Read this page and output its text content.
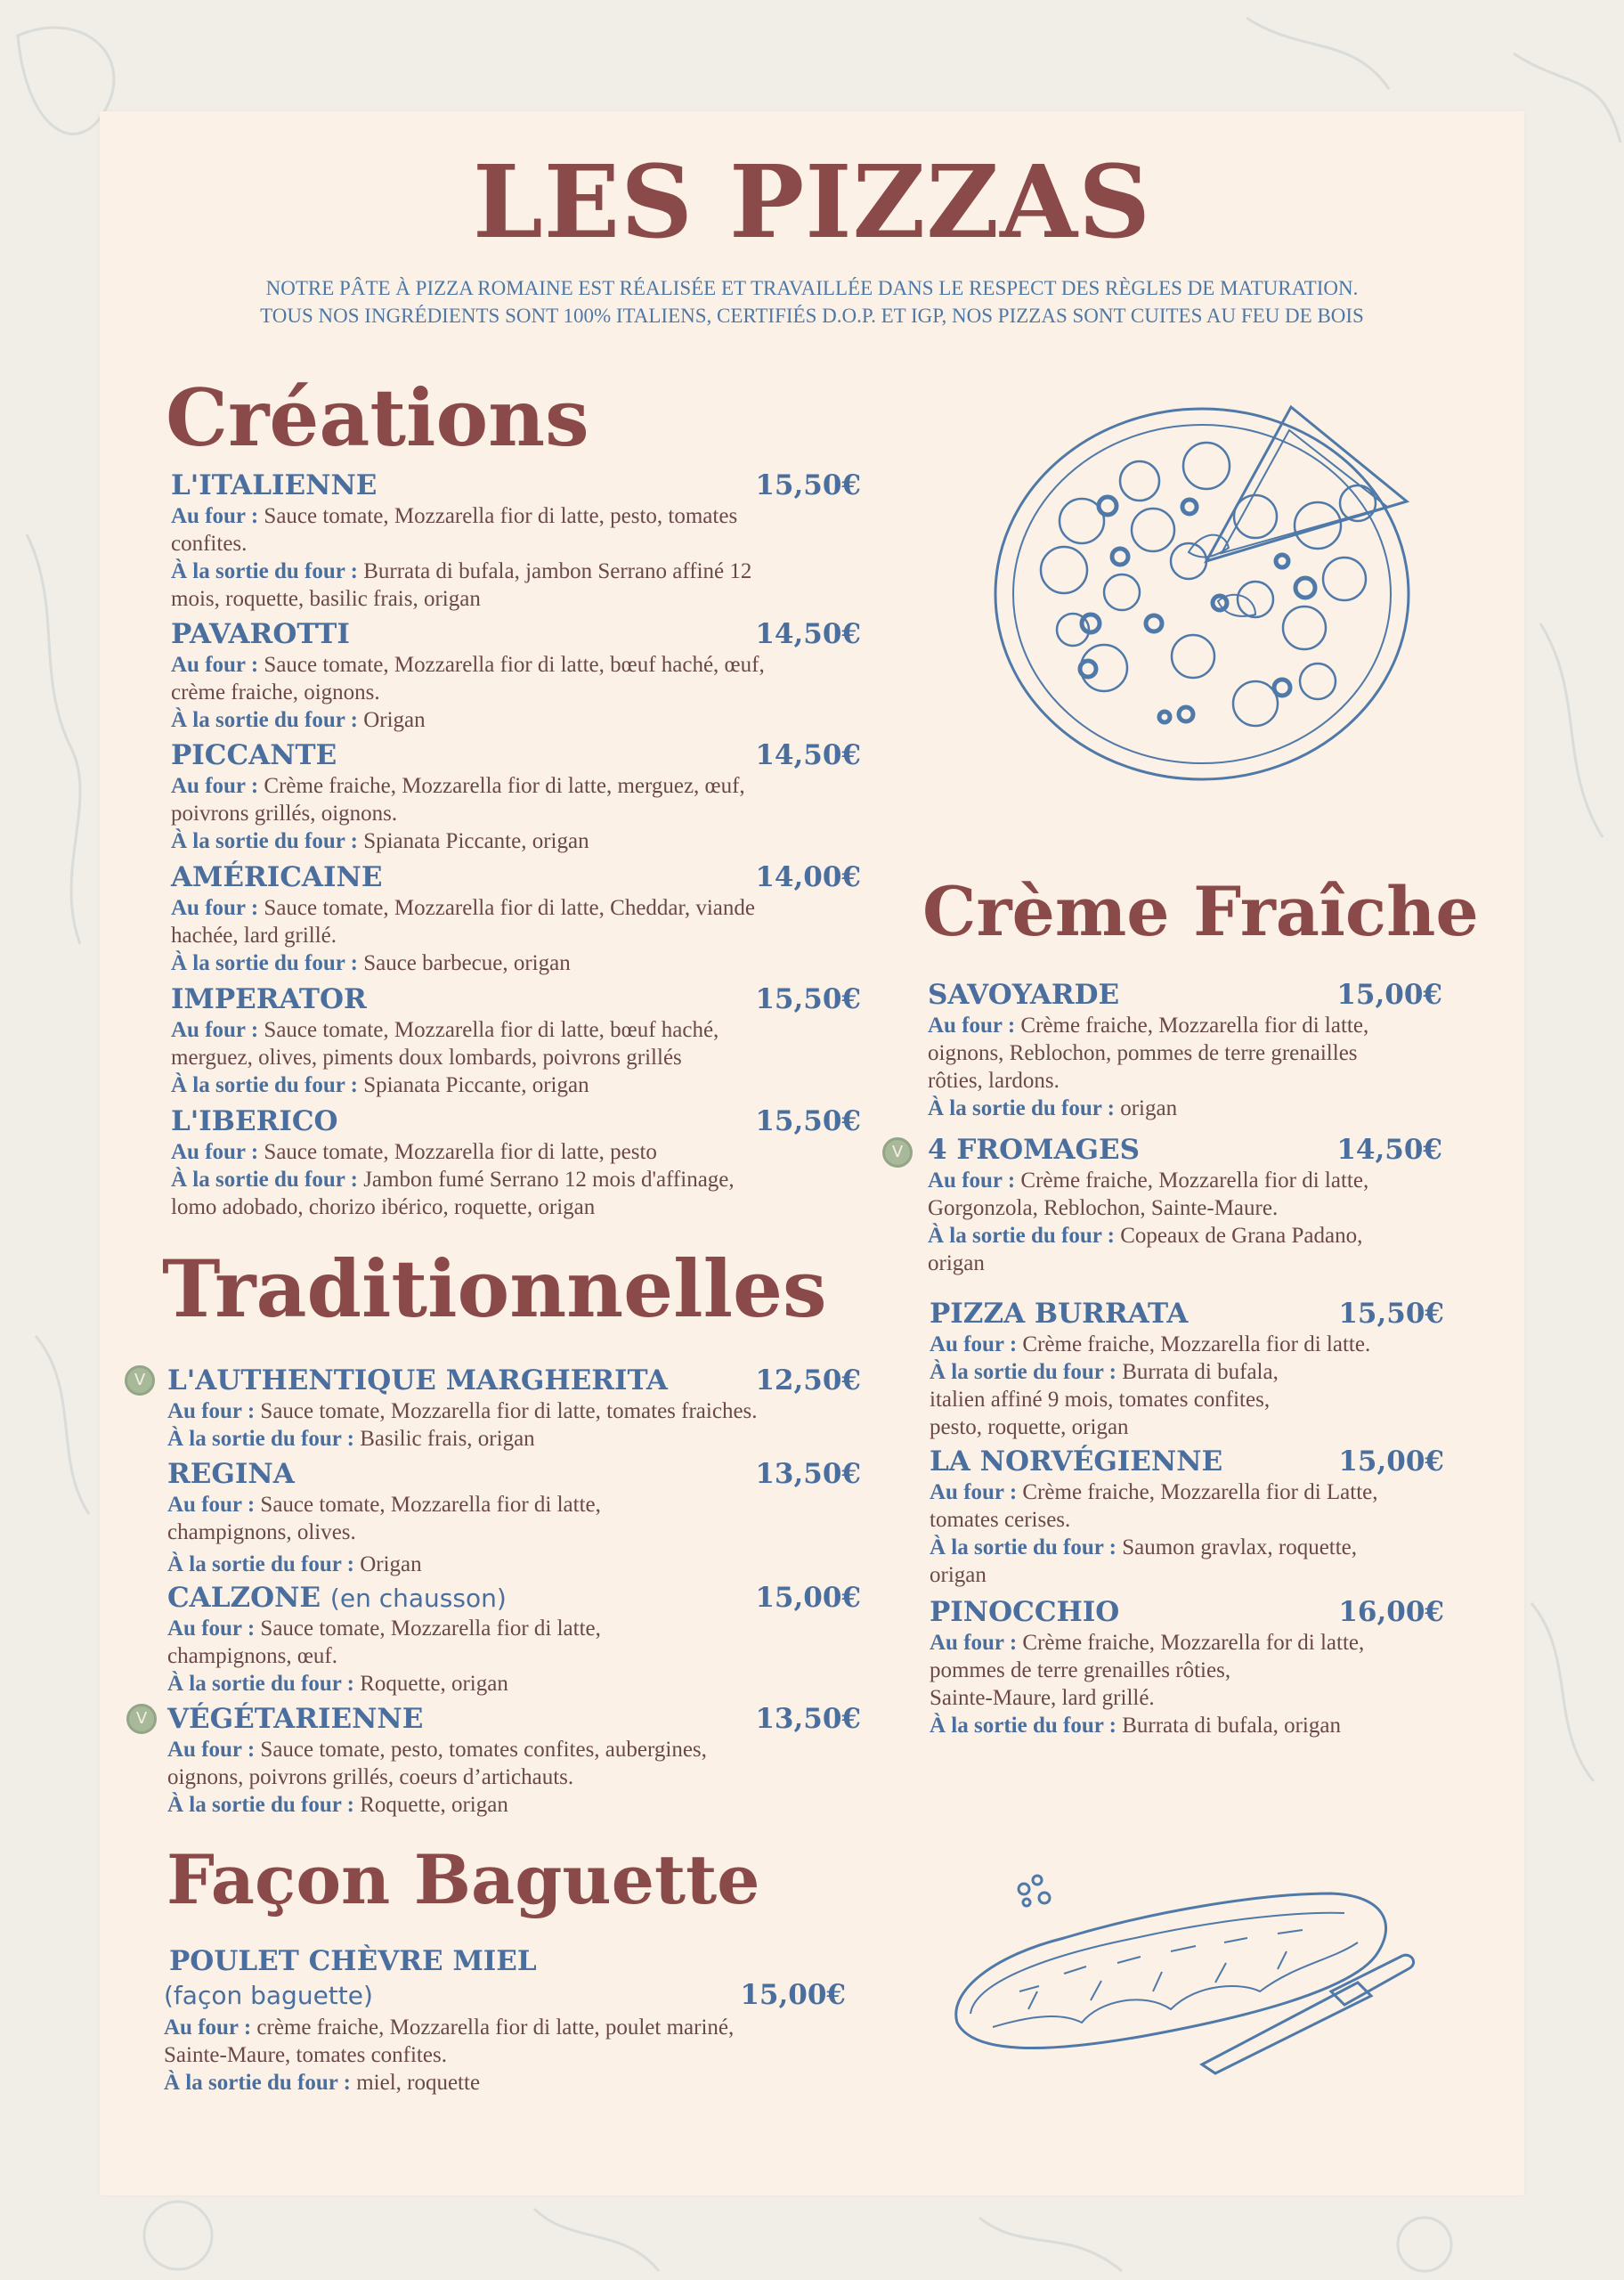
LES PIZZAS
NOTRE PÂTE À PIZZA ROMAINE EST RÉALISÉE ET TRAVAILLÉE DANS LE RESPECT DES RÈGLES DE MATURATION.
TOUS NOS INGRÉDIENTS SONT 100% ITALIENS, CERTIFIÉS D.O.P. ET IGP, NOS PIZZAS SONT CUITES AU FEU DE BOIS
Créations
L'ITALIENNE	15,50€
Au four : Sauce tomate, Mozzarella fior di latte, pesto, tomates
confites.
À la sortie du four : Burrata di bufala, jambon Serrano affiné 12
mois, roquette, basilic frais, origan
PAVAROTTI	14,50€
Au four : Sauce tomate, Mozzarella fior di latte, bœuf haché, œuf,
crème fraiche, oignons.
À la sortie du four : Origan
PICCANTE	14,50€
Au four : Crème fraiche, Mozzarella fior di latte, merguez, œuf,
poivrons grillés, oignons.
À la sortie du four : Spianata Piccante, origan
AMÉRICAINE	14,00€
Au four : Sauce tomate, Mozzarella fior di latte, Cheddar, viande
hachée, lard grillé.
À la sortie du four : Sauce barbecue, origan
IMPERATOR	15,50€
Au four : Sauce tomate, Mozzarella fior di latte, bœuf haché,
merguez, olives, piments doux lombards, poivrons grillés
À la sortie du four : Spianata Piccante, origan
L'IBERICO	15,50€
Au four : Sauce tomate, Mozzarella fior di latte, pesto
À la sortie du four : Jambon fumé Serrano 12 mois d'affinage,
lomo adobado, chorizo ibérico, roquette, origan
Traditionnelles
V L'AUTHENTIQUE MARGHERITA	12,50€
Au four : Sauce tomate, Mozzarella fior di latte, tomates fraiches.
À la sortie du four : Basilic frais, origan
REGINA	13,50€
Au four : Sauce tomate, Mozzarella fior di latte,
champignons, olives.
À la sortie du four : Origan
CALZONE (en chausson)	15,00€
Au four : Sauce tomate, Mozzarella fior di latte,
champignons, œuf.
À la sortie du four : Roquette, origan
V VÉGÉTARIENNE	13,50€
Au four : Sauce tomate, pesto, tomates confites, aubergines,
oignons, poivrons grillés, coeurs d’artichauts.
À la sortie du four : Roquette, origan
Façon Baguette
POULET CHÈVRE MIEL
(façon baguette)	15,00€
Au four : crème fraiche, Mozzarella fior di latte, poulet mariné,
Sainte-Maure, tomates confites.
À la sortie du four : miel, roquette
Crème Fraîche
SAVOYARDE	15,00€
Au four : Crème fraiche, Mozzarella fior di latte,
oignons, Reblochon, pommes de terre grenailles
rôties, lardons.
À la sortie du four : origan
V 4 FROMAGES	14,50€
Au four : Crème fraiche, Mozzarella fior di latte,
Gorgonzola, Reblochon, Sainte-Maure.
À la sortie du four : Copeaux de Grana Padano,
origan
PIZZA BURRATA	15,50€
Au four : Crème fraiche, Mozzarella fior di latte.
À la sortie du four : Burrata di bufala,
italien affiné 9 mois, tomates confites,
pesto, roquette, origan
LA NORVÉGIENNE	15,00€
Au four : Crème fraiche, Mozzarella fior di Latte,
tomates cerises.
À la sortie du four : Saumon gravlax, roquette,
origan
PINOCCHIO	16,00€
Au four : Crème fraiche, Mozzarella for di latte,
pommes de terre grenailles rôties,
Sainte-Maure, lard grillé.
À la sortie du four : Burrata di bufala, origan
